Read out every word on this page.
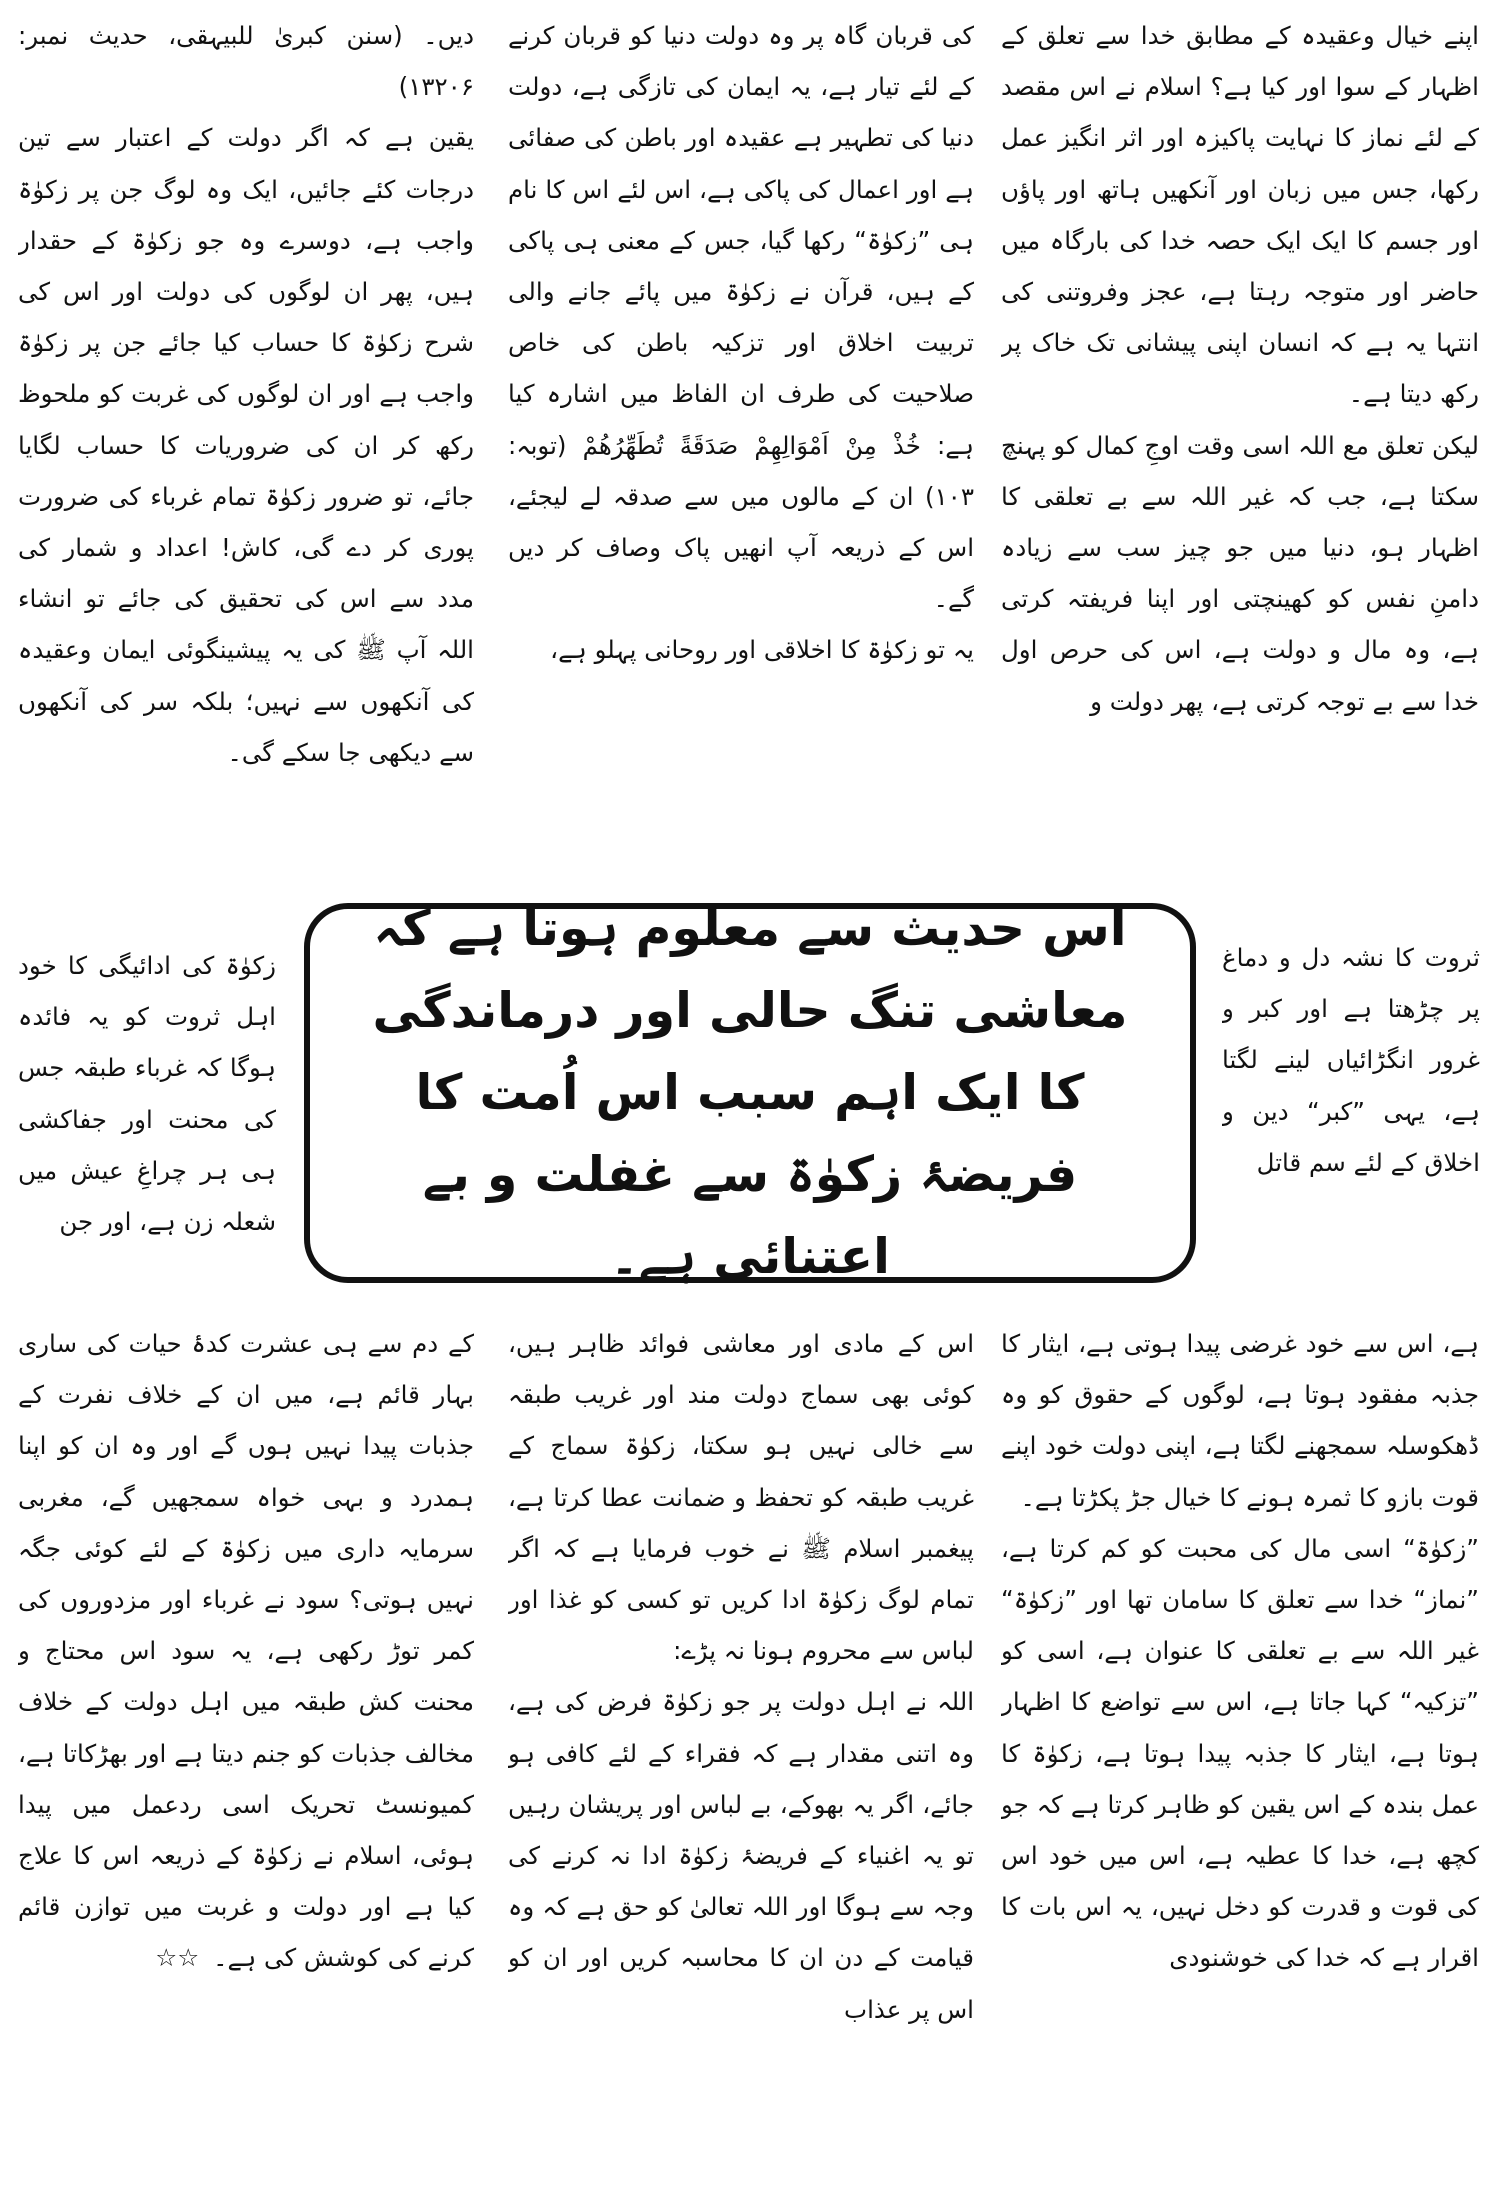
اپنے خیال وعقیدہ کے مطابق خدا سے تعلق کے اظہار کے سوا اور کیا ہے؟ اسلام نے اس مقصد کے لئے نماز کا نہایت پاکیزہ اور اثر انگیز عمل رکھا، جس میں زبان اور آنکھیں ہاتھ اور پاؤں اور جسم کا ایک ایک حصہ خدا کی بارگاہ میں حاضر اور متوجہ رہتا ہے، عجز وفروتنی کی انتہا یہ ہے کہ انسان اپنی پیشانی تک خاک پر رکھ دیتا ہے۔

لیکن تعلق مع اللہ اسی وقت اوجِ کمال کو پہنچ سکتا ہے، جب کہ غیر اللہ سے بے تعلقی کا اظہار ہو، دنیا میں جو چیز سب سے زیادہ دامنِ نفس کو کھینچتی اور اپنا فریفتہ کرتی ہے، وہ مال و دولت ہے، اس کی حرص اول خدا سے بے توجہ کرتی ہے، پھر دولت و

ثروت کا نشہ دل و دماغ پر چڑھتا ہے اور کبر و غرور انگڑائیاں لینے لگتا ہے، یہی ”کبر“ دین و اخلاق کے لئے سم قاتل

ہے، اس سے خود غرضی پیدا ہوتی ہے، ایثار کا جذبہ مفقود ہوتا ہے، لوگوں کے حقوق کو وہ ڈھکوسلہ سمجھنے لگتا ہے، اپنی دولت خود اپنے قوت بازو کا ثمرہ ہونے کا خیال جڑ پکڑتا ہے۔

”زکوٰۃ“ اسی مال کی محبت کو کم کرتا ہے، ”نماز“ خدا سے تعلق کا سامان تھا اور ”زکوٰۃ“ غیر اللہ سے بے تعلقی کا عنوان ہے، اسی کو ”تزکیہ“ کہا جاتا ہے، اس سے تواضع کا اظہار ہوتا ہے، ایثار کا جذبہ پیدا ہوتا ہے، زکوٰۃ کا عمل بندہ کے اس یقین کو ظاہر کرتا ہے کہ جو کچھ ہے، خدا کا عطیہ ہے، اس میں خود اس کی قوت و قدرت کو دخل نہیں، یہ اس بات کا اقرار ہے کہ خدا کی خوشنودی

کی قربان گاہ پر وہ دولت دنیا کو قربان کرنے کے لئے تیار ہے، یہ ایمان کی تازگی ہے، دولت دنیا کی تطہیر ہے عقیدہ اور باطن کی صفائی ہے اور اعمال کی پاکی ہے، اس لئے اس کا نام ہی ”زکوٰۃ“ رکھا گیا، جس کے معنی ہی پاکی کے ہیں، قرآن نے زکوٰۃ میں پائے جانے والی تربیت اخلاق اور تزکیہ باطن کی خاص صلاحیت کی طرف ان الفاظ میں اشارہ کیا ہے: خُذْ مِنْ اَمْوَالِهِمْ صَدَقَةً تُطَهِّرُهُمْ (توبہ: ۱۰۳) ان کے مالوں میں سے صدقہ لے لیجئے، اس کے ذریعہ آپ انھیں پاک وصاف کر دیں گے۔

یہ تو زکوٰۃ کا اخلاقی اور روحانی پہلو ہے،

اس کے مادی اور معاشی فوائد ظاہر ہیں، کوئی بھی سماج دولت مند اور غریب طبقہ سے خالی نہیں ہو سکتا، زکوٰۃ سماج کے غریب طبقہ کو تحفظ و ضمانت عطا کرتا ہے، پیغمبر اسلام ﷺ نے خوب فرمایا ہے کہ اگر تمام لوگ زکوٰۃ ادا کریں تو کسی کو غذا اور لباس سے محروم ہونا نہ پڑے:

اللہ نے اہل دولت پر جو زکوٰۃ فرض کی ہے، وہ اتنی مقدار ہے کہ فقراء کے لئے کافی ہو جائے، اگر یہ بھوکے، بے لباس اور پریشان رہیں تو یہ اغنیاء کے فریضۂ زکوٰۃ ادا نہ کرنے کی وجہ سے ہوگا اور اللہ تعالیٰ کو حق ہے کہ وہ قیامت کے دن ان کا محاسبہ کریں اور ان کو اس پر عذاب

دیں۔ (سنن کبریٰ للبیہقی، حدیث نمبر: ۱۳۲۰۶)

یقین ہے کہ اگر دولت کے اعتبار سے تین درجات کئے جائیں، ایک وہ لوگ جن پر زکوٰۃ واجب ہے، دوسرے وہ جو زکوٰۃ کے حقدار ہیں، پھر ان لوگوں کی دولت اور اس کی شرح زکوٰۃ کا حساب کیا جائے جن پر زکوٰۃ واجب ہے اور ان لوگوں کی غربت کو ملحوظ رکھ کر ان کی ضروریات کا حساب لگایا جائے، تو ضرور زکوٰۃ تمام غرباء کی ضرورت پوری کر دے گی، کاش! اعداد و شمار کی مدد سے اس کی تحقیق کی جائے تو انشاء اللہ آپ ﷺ کی یہ پیشینگوئی ایمان وعقیدہ کی آنکھوں سے نہیں؛ بلکہ سر کی آنکھوں سے دیکھی جا سکے گی۔

زکوٰۃ کی ادائیگی کا خود اہل ثروت کو یہ فائدہ ہوگا کہ غرباء طبقہ جس کی محنت اور جفاکشی ہی ہر چراغِ عیش میں شعلہ زن ہے، اور جن

کے دم سے ہی عشرت کدۂ حیات کی ساری بہار قائم ہے، میں ان کے خلاف نفرت کے جذبات پیدا نہیں ہوں گے اور وہ ان کو اپنا ہمدرد و بہی خواہ سمجھیں گے، مغربی سرمایہ داری میں زکوٰۃ کے لئے کوئی جگہ نہیں ہوتی؟ سود نے غرباء اور مزدوروں کی کمر توڑ رکھی ہے، یہ سود اس محتاج و محنت کش طبقہ میں اہل دولت کے خلاف مخالف جذبات کو جنم دیتا ہے اور بھڑکاتا ہے، کمیونسٹ تحریک اسی ردعمل میں پیدا ہوئی، اسلام نے زکوٰۃ کے ذریعہ اس کا علاج کیا ہے اور دولت و غربت میں توازن قائم کرنے کی کوشش کی ہے۔☆☆

اس حدیث سے معلوم ہوتا ہے کہ معاشی تنگ حالی اور درماندگی کا ایک اہم سبب اس اُمت کا فریضۂ زکوٰۃ سے غفلت و بے اعتنائی ہے۔
